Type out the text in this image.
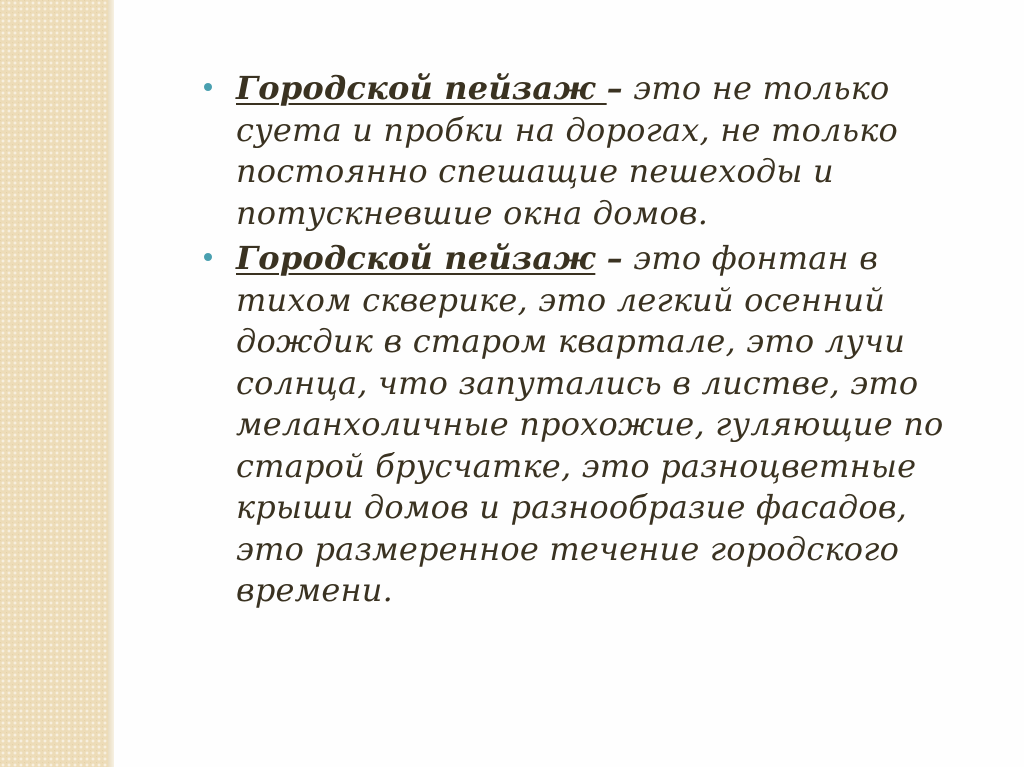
Городской пейзаж – это не только суета и пробки на дорогах, не только постоянно спешащие пешеходы и потускневшие окна домов.
Городской пейзаж – это фонтан в тихом скверике, это легкий осенний дождик в старом квартале, это лучи солнца, что запутались в листве, это меланхоличные прохожие, гуляющие по старой брусчатке, это разноцветные крыши домов и разнообразие фасадов, это размеренное течение городского времени.
